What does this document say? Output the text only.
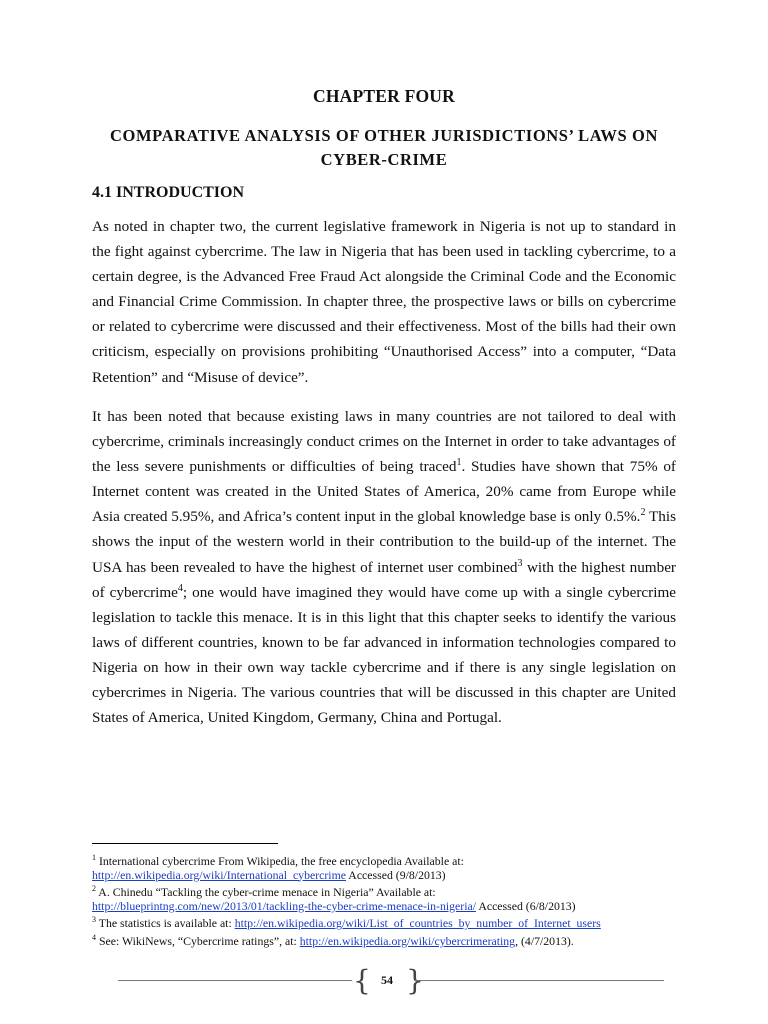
CHAPTER FOUR
COMPARATIVE ANALYSIS OF OTHER JURISDICTIONS’ LAWS ON CYBER-CRIME
4.1 INTRODUCTION

As noted in chapter two, the current legislative framework in Nigeria is not up to standard in the fight against cybercrime. The law in Nigeria that has been used in tackling cybercrime, to a certain degree, is the Advanced Free Fraud Act alongside the Criminal Code and the Economic and Financial Crime Commission. In chapter three, the prospective laws or bills on cybercrime or related to cybercrime were discussed and their effectiveness. Most of the bills had their own criticism, especially on provisions prohibiting “Unauthorised Access” into a computer, “Data Retention” and “Misuse of device”.

It has been noted that because existing laws in many countries are not tailored to deal with cybercrime, criminals increasingly conduct crimes on the Internet in order to take advantages of the less severe punishments or difficulties of being traced$^1$. Studies have shown that 75% of Internet content was created in the United States of America, 20% came from Europe while Asia created 5.95%, and Africa’s content input in the global knowledge base is only 0.5%.$^2$ This shows the input of the western world in their contribution to the build-up of the internet. The USA has been revealed to have the highest of internet user combined$^3$ with the highest number of cybercrime$^4$; one would have imagined they would have come up with a single cybercrime legislation to tackle this menace. It is in this light that this chapter seeks to identify the various laws of different countries, known to be far advanced in information technologies compared to Nigeria on how in their own way tackle cybercrime and if there is any single legislation on cybercrimes in Nigeria. The various countries that will be discussed in this chapter are United States of America, United Kingdom, Germany, China and Portugal.

$^1$ International cybercrime From Wikipedia, the free encyclopedia Available at:

http://en.wikipedia.org/wiki/International_cybercrime Accessed (9/8/2013)

$^2$ A. Chinedu “Tackling the cyber-crime menace in Nigeria” Available at:

http://blueprintng.com/new/2013/01/tackling-the-cyber-crime-menace-in-nigeria/ Accessed (6/8/2013)

$^3$ The statistics is available at: http://en.wikipedia.org/wiki/List_of_countries_by_number_of_Internet_users

$^4$ See: WikiNews, “Cybercrime ratings”, at: http://en.wikipedia.org/wiki/cybercrimerating, (4/7/2013).

{ 54 }
